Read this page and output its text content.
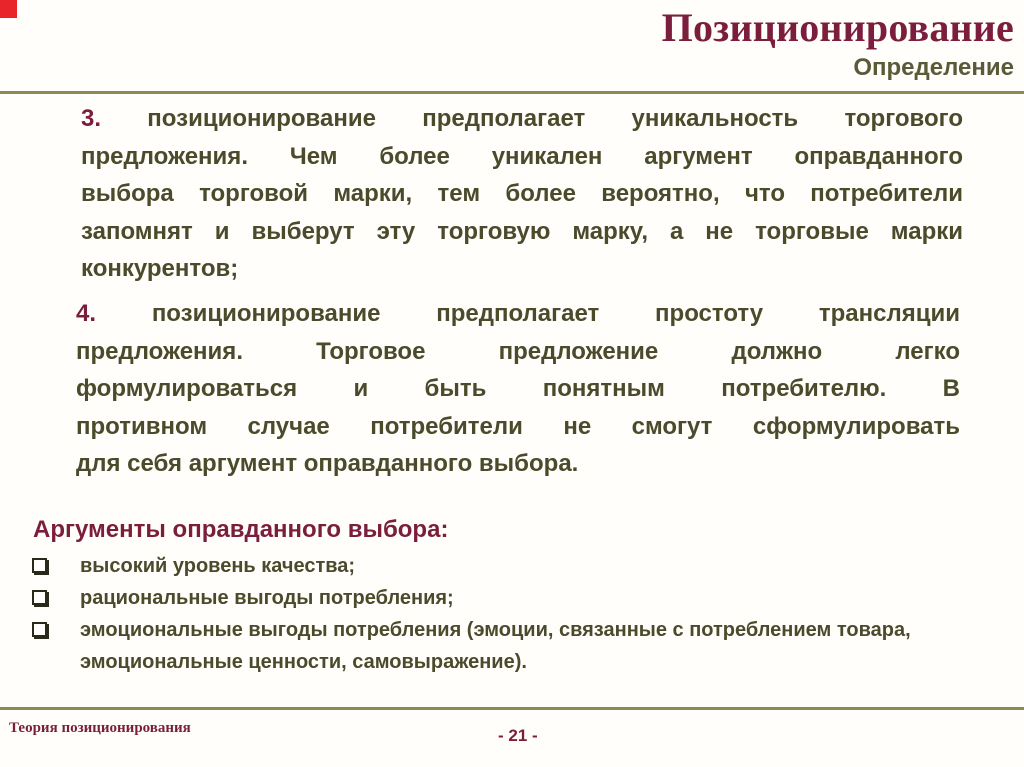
Позиционирование
Определение

3. позиционирование предполагает уникальность торгового
предложения. Чем более уникален аргумент оправданного
выбора торговой марки, тем более вероятно, что потребители
запомнят и выберут эту торговую марку, а не торговые марки
конкурентов;

4. позиционирование предполагает простоту трансляции
предложения. Торговое предложение должно легко
формулироваться и быть понятным потребителю. В
противном случае потребители не смогут сформулировать
для себя аргумент оправданного выбора.

Аргументы оправданного выбора:
высокий уровень качества;
рациональные выгоды потребления;
эмоциональные выгоды потребления (эмоции, связанные с потреблением товара, эмоциональные ценности, самовыражение).
Теория позиционирования	- 21 -
